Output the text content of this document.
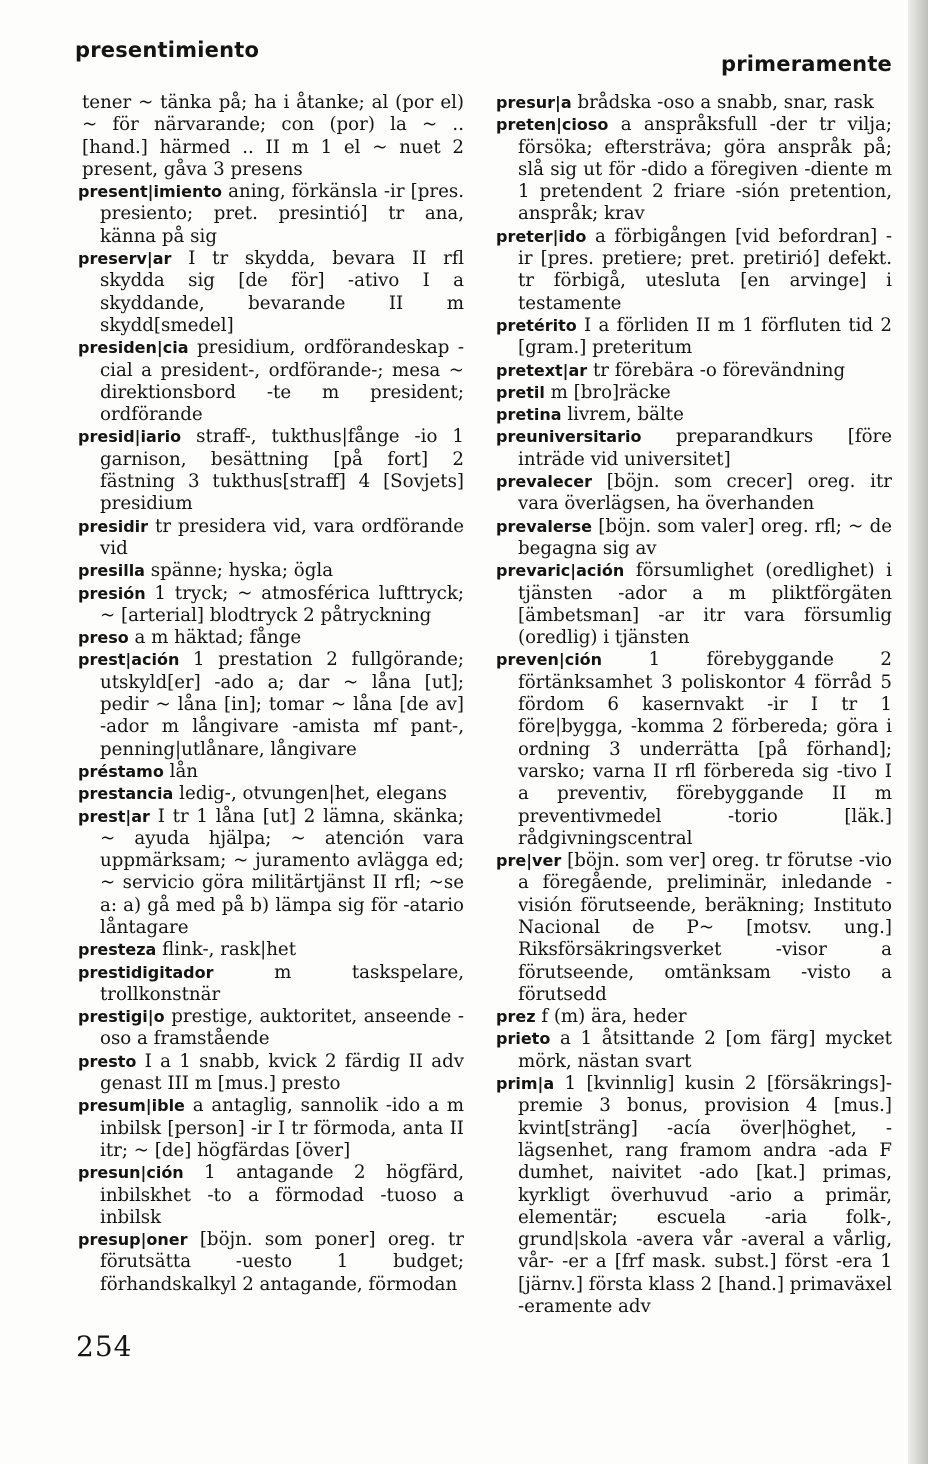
presentimiento
primeramente

tener ~ tänka på; ha i åtanke; al (por el) ~ för närvarande; con (por) la ~ .. [hand.] härmed .. II m 1 el ~ nuet 2 present, gåva 3 presens

present|imiento aning, förkänsla -ir [pres. presiento; pret. presintió] tr ana, känna på sig

preserv|ar I tr skydda, bevara II rfl skydda sig [de för] -ativo I a skyddande, bevarande II m skydd[smedel]

presiden|cia presidium, ordförandeskap -cial a president-, ordförande-; mesa ~ direktionsbord -te m president; ordförande

presid|iario straff-, tukthus|fånge -io 1 garnison, besättning [på fort] 2 fästning 3 tukthus[straff] 4 [Sovjets] presidium

presidir tr presidera vid, vara ordförande vid

presilla spänne; hyska; ögla

presión 1 tryck; ~ atmosférica lufttryck; ~ [arterial] blodtryck 2 påtryckning

preso a m häktad; fånge

prest|ación 1 prestation 2 fullgörande; utskyld[er] -ado a; dar ~ låna [ut]; pedir ~ låna [in]; tomar ~ låna [de av] -ador m långivare -amista mf pant-, penning|utlånare, långivare

préstamo lån

prestancia ledig-, otvungen|het, elegans

prest|ar I tr 1 låna [ut] 2 lämna, skänka; ~ ayuda hjälpa; ~ atención vara uppmärksam; ~ juramento avlägga ed; ~ servicio göra militärtjänst II rfl; ~se a: a) gå med på b) lämpa sig för -atario låntagare

presteza flink-, rask|het

prestidigitador	m taskspelare, trollkonstnär

prestigi|o prestige, auktoritet, anseende -oso a framstående

presto I a 1 snabb, kvick 2 färdig II adv genast III m [mus.] presto

presum|ible a antaglig, sannolik -ido a m inbilsk [person] -ir I tr förmoda, anta II itr; ~ [de] högfärdas [över]

presun|ción 1 antagande 2 högfärd, inbilskhet -to a förmodad -tuoso a inbilsk

presup|oner [böjn. som poner] oreg. tr förutsätta -uesto 1 budget; förhandskalkyl 2 antagande, förmodan

presur|a brådska -oso a snabb, snar, rask

preten|cioso a anspråksfull -der tr vilja; försöka; eftersträva; göra anspråk på; slå sig ut för -dido a föregiven -diente m 1 pretendent 2 friare -sión pretention, anspråk; krav

preter|ido a förbigången [vid befordran] -ir [pres. pretiere; pret. pretirió] defekt. tr förbigå, utesluta [en arvinge] i testamente

pretérito I a förliden II m 1 förfluten tid 2 [gram.] preteritum

pretext|ar tr förebära -o förevändning

pretil m [bro]räcke

pretina livrem, bälte

preuniversitario preparandkurs [före inträde vid universitet]

prevalecer [böjn. som crecer] oreg. itr vara överlägsen, ha överhanden

prevalerse [böjn. som valer] oreg. rfl; ~ de begagna sig av

prevaric|ación försumlighet (oredlighet) i tjänsten -ador a m pliktförgäten [ämbetsman] -ar itr vara försumlig (oredlig) i tjänsten

preven|ción	1 förebyggande 2 förtänksamhet 3 poliskontor 4 förråd 5 fördom 6 kasernvakt -ir I tr 1 före|bygga, -komma 2 förbereda; göra i ordning 3 underrätta [på förhand]; varsko; varna II rfl förbereda sig -tivo I a preventiv, förebyggande II m preventivmedel -torio [läk.] rådgivningscentral

pre|ver [böjn. som ver] oreg. tr förutse -vio a föregående, preliminär, inledande -visión förutseende, beräkning; Instituto Nacional de P~ [motsv. ung.] Riksförsäkringsverket -visor a förutseende, omtänksam -visto a förutsedd

prez f (m) ära, heder

prieto a 1 åtsittande 2 [om färg] mycket mörk, nästan svart

prim|a 1 [kvinnlig] kusin 2 [försäkrings]-premie 3 bonus, provision 4 [mus.] kvint[sträng] -acía över|höghet, -lägsenhet, rang framom andra -ada F dumhet, naivitet -ado [kat.] primas, kyrkligt överhuvud -ario a primär, elementär; escuela -aria folk-, grund|skola -avera vår -averal a vårlig, vår- -er a [frf mask. subst.] först -era 1 [järnv.] första klass 2 [hand.] primaväxel -eramente adv

254
